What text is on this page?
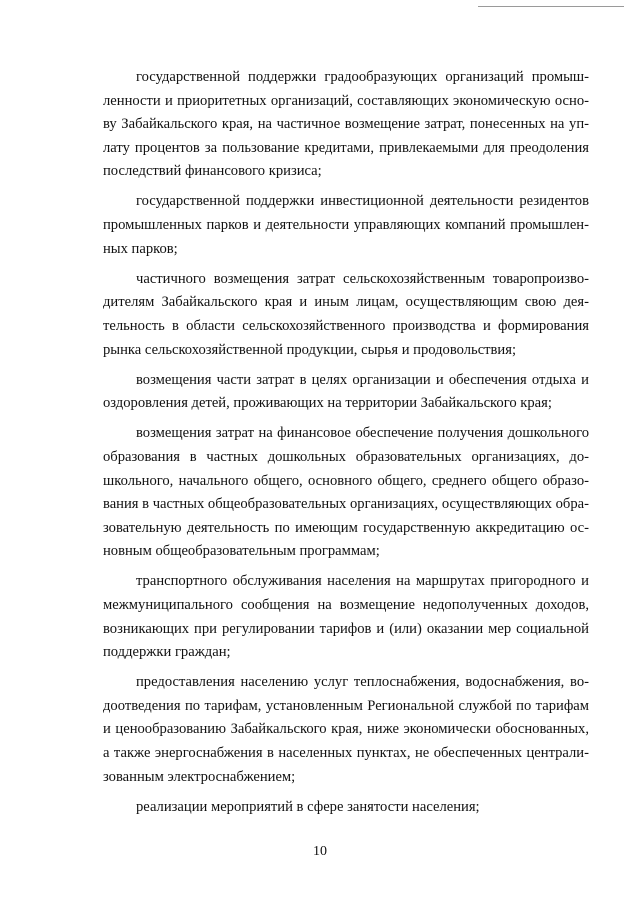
государственной поддержки градообразующих организаций промышленности и приоритетных организаций, составляющих экономическую основу Забайкальского края, на частичное возмещение затрат, понесенных на уплату процентов за пользование кредитами, привлекаемыми для преодоления последствий финансового кризиса;

государственной поддержки инвестиционной деятельности резидентов промышленных парков и деятельности управляющих компаний промышленных парков;

частичного возмещения затрат сельскохозяйственным товаропроизводителям Забайкальского края и иным лицам, осуществляющим свою деятельность в области сельскохозяйственного производства и формирования рынка сельскохозяйственной продукции, сырья и продовольствия;

возмещения части затрат в целях организации и обеспечения отдыха и оздоровления детей, проживающих на территории Забайкальского края;

возмещения затрат на финансовое обеспечение получения дошкольного образования в частных дошкольных образовательных организациях, дошкольного, начального общего, основного общего, среднего общего образования в частных общеобразовательных организациях, осуществляющих образовательную деятельность по имеющим государственную аккредитацию основным общеобразовательным программам;

транспортного обслуживания населения на маршрутах пригородного и межмуниципального сообщения на возмещение недополученных доходов, возникающих при регулировании тарифов и (или) оказании мер социальной поддержки граждан;

предоставления населению услуг теплоснабжения, водоснабжения, водоотведения по тарифам, установленным Региональной службой по тарифам и ценообразованию Забайкальского края, ниже экономически обоснованных, а также энергоснабжения в населенных пунктах, не обеспеченных централизованным электроснабжением;

реализации мероприятий в сфере занятости населения;

10
